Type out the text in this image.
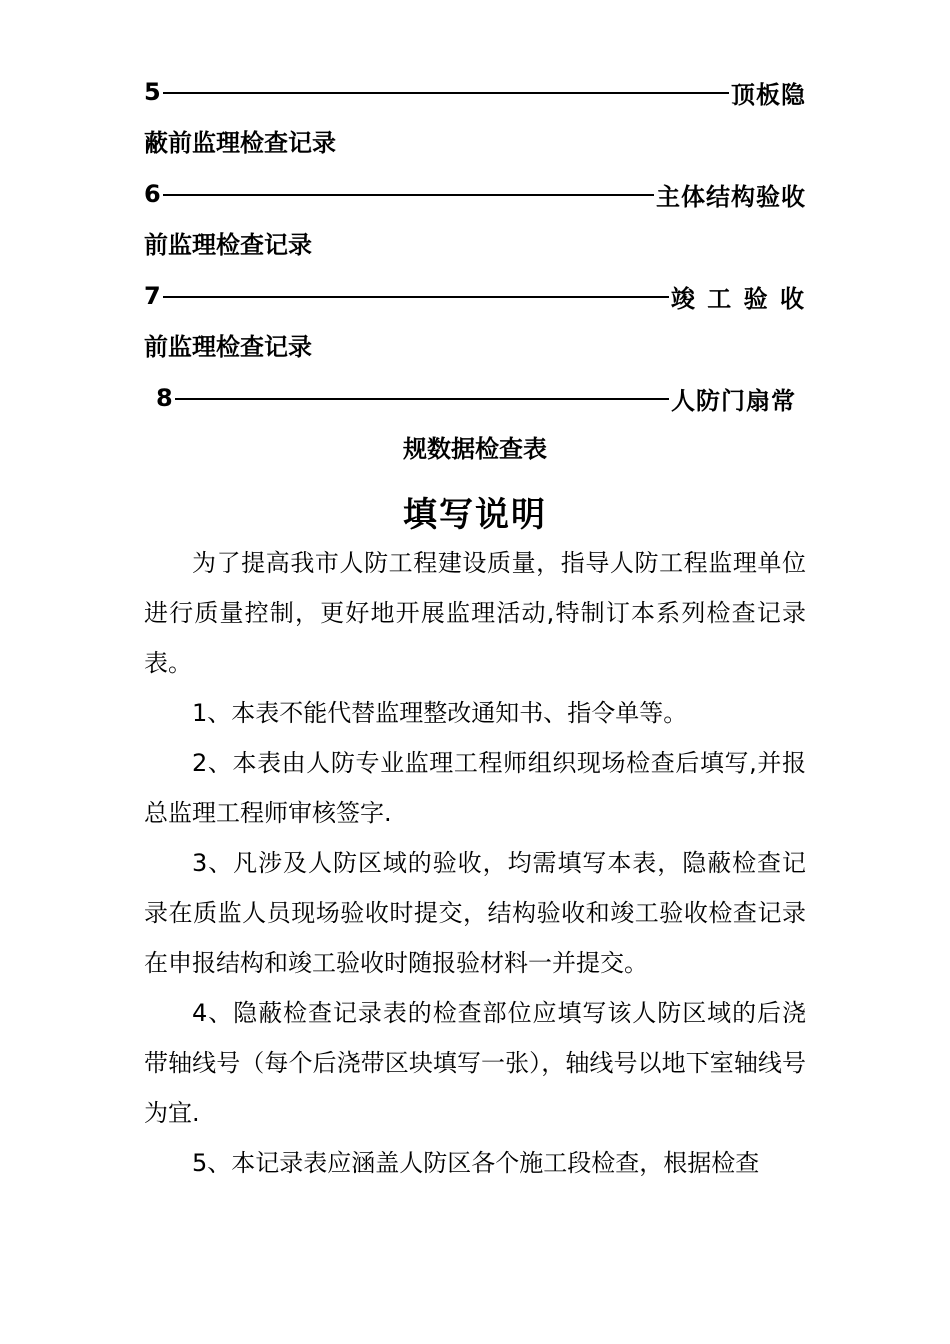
5	顶板隐
蔽前监理检查记录
6	主体结构验收
前监理检查记录
7	竣 工 验 收
前监理检查记录
8	人防门扇常
规数据检查表
填写说明

为了提高我市人防工程建设质量，指导人防工程监理单位进行质量控制，更好地开展监理活动,特制订本系列检查记录表。

1、本表不能代替监理整改通知书、指令单等。

2、本表由人防专业监理工程师组织现场检查后填写,并报总监理工程师审核签字.

3、凡涉及人防区域的验收，均需填写本表，隐蔽检查记录在质监人员现场验收时提交，结构验收和竣工验收检查记录在申报结构和竣工验收时随报验材料一并提交。

4、隐蔽检查记录表的检查部位应填写该人防区域的后浇带轴线号（每个后浇带区块填写一张），轴线号以地下室轴线号为宜.

5、本记录表应涵盖人防区各个施工段检查，根据检查
